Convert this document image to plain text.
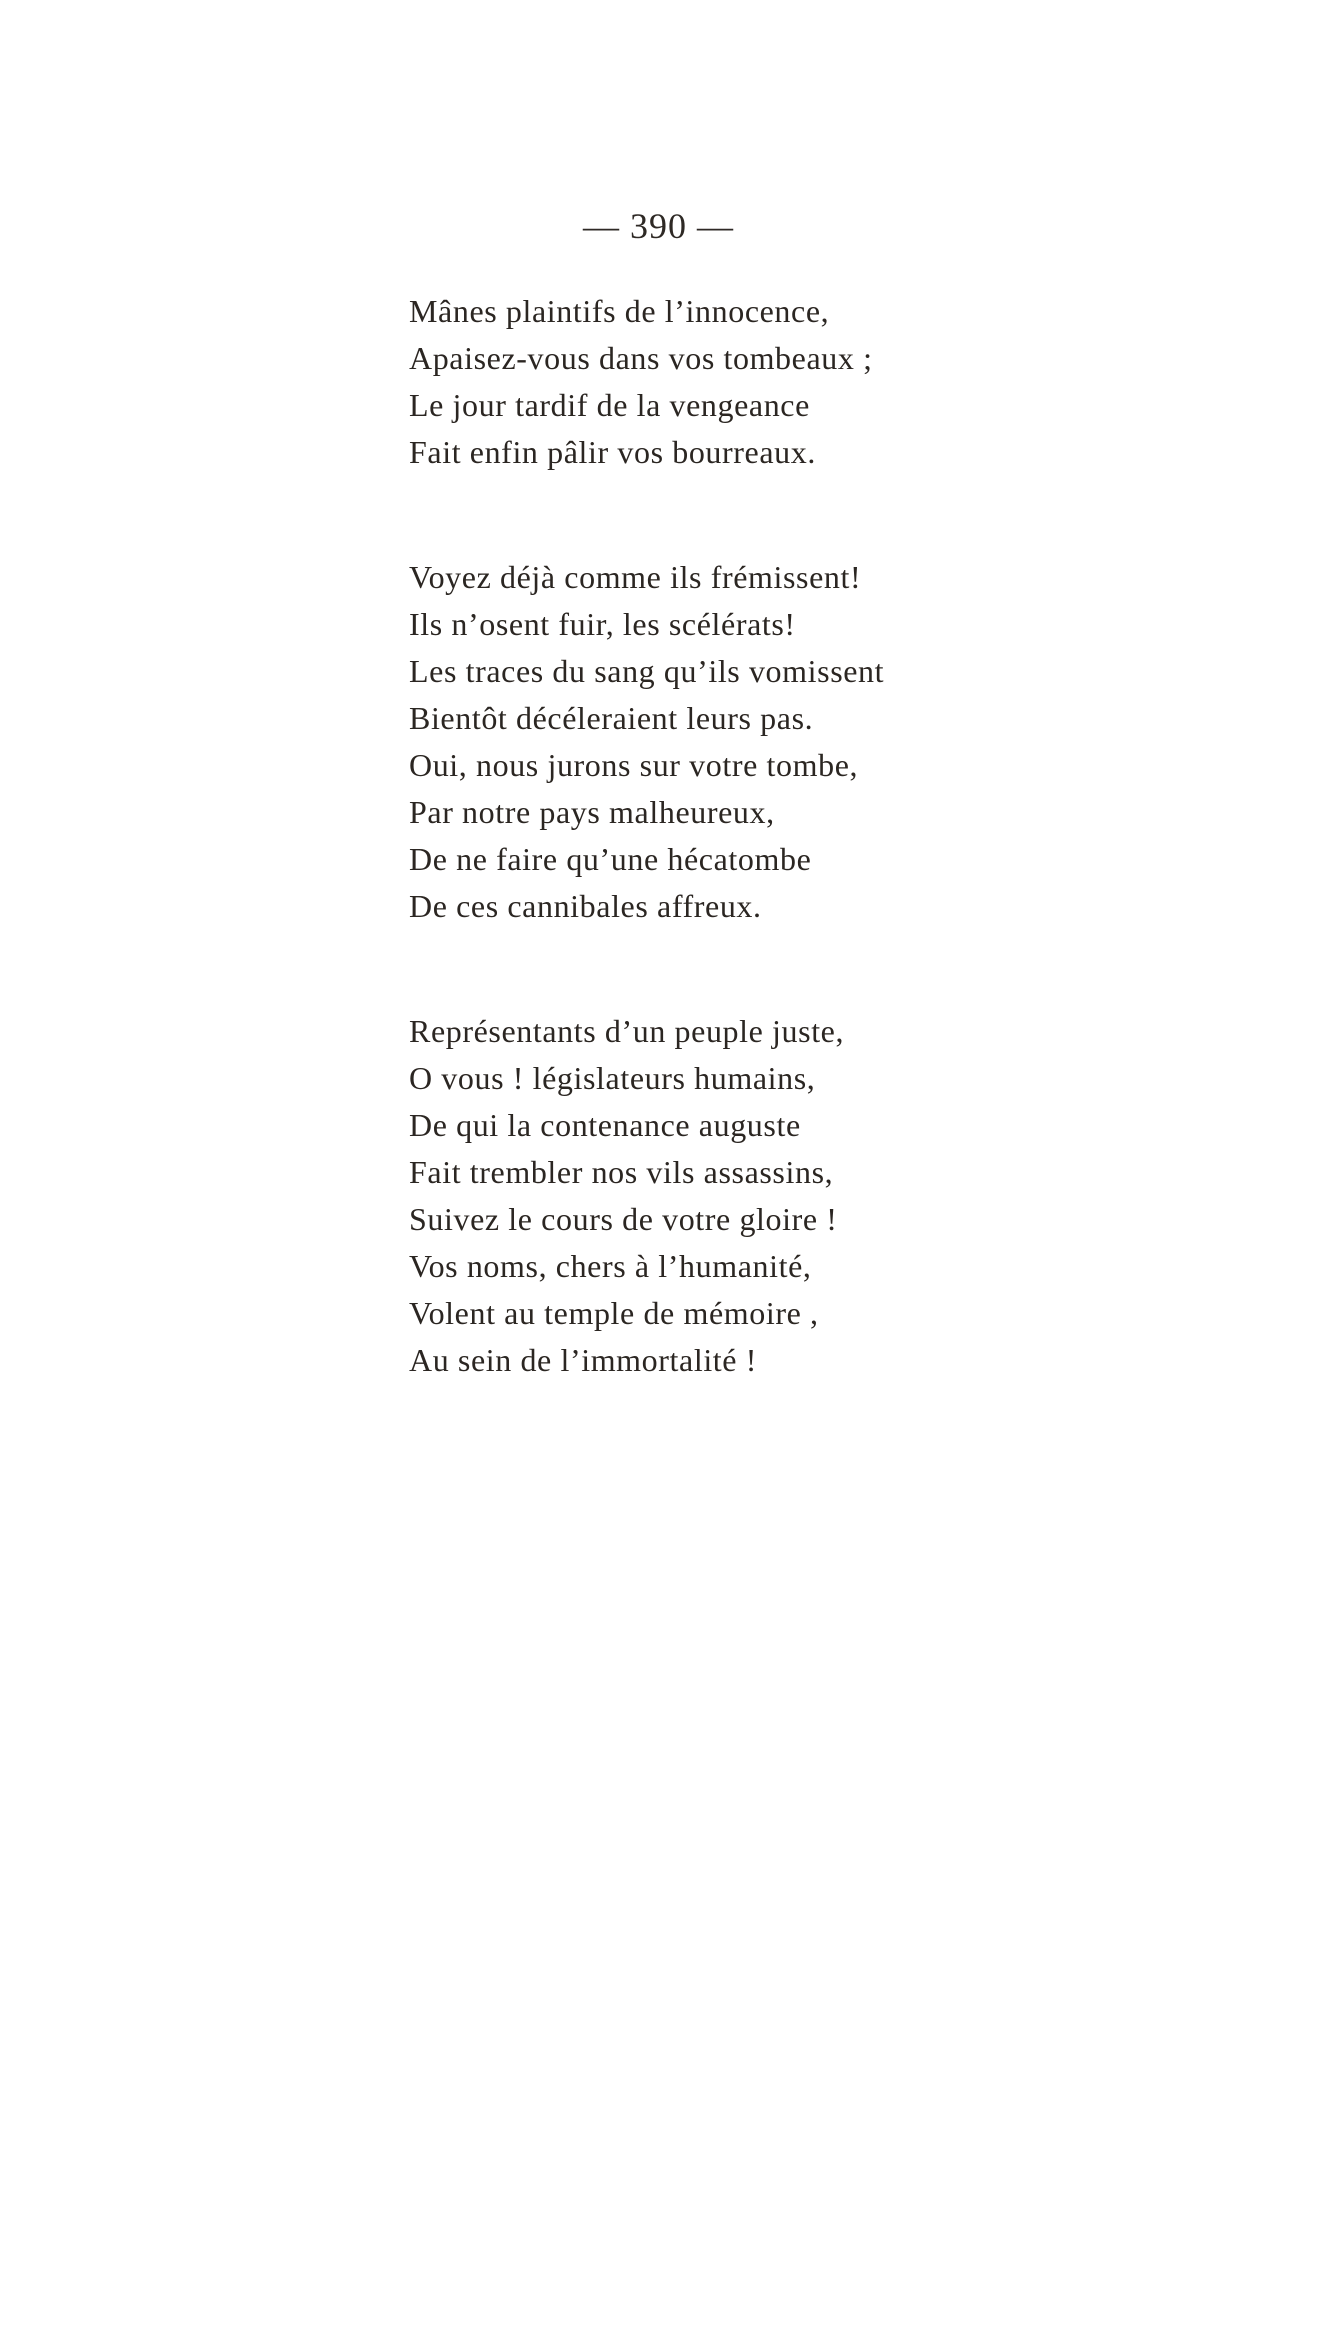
— 390 —
Mânes plaintifs de l’innocence,
Apaisez-vous dans vos tombeaux ;
Le jour tardif de la vengeance
Fait enfin pâlir vos bourreaux.
Voyez déjà comme ils frémissent!
Ils n’osent fuir, les scélérats!
Les traces du sang qu’ils vomissent
Bientôt décéleraient leurs pas.
Oui, nous jurons sur votre tombe,
Par notre pays malheureux,
De ne faire qu’une hécatombe
De ces cannibales affreux.
Représentants d’un peuple juste,
O vous ! législateurs humains,
De qui la contenance auguste
Fait trembler nos vils assassins,
Suivez le cours de votre gloire !
Vos noms, chers à l’humanité,
Volent au temple de mémoire ,
Au sein de l’immortalité !
